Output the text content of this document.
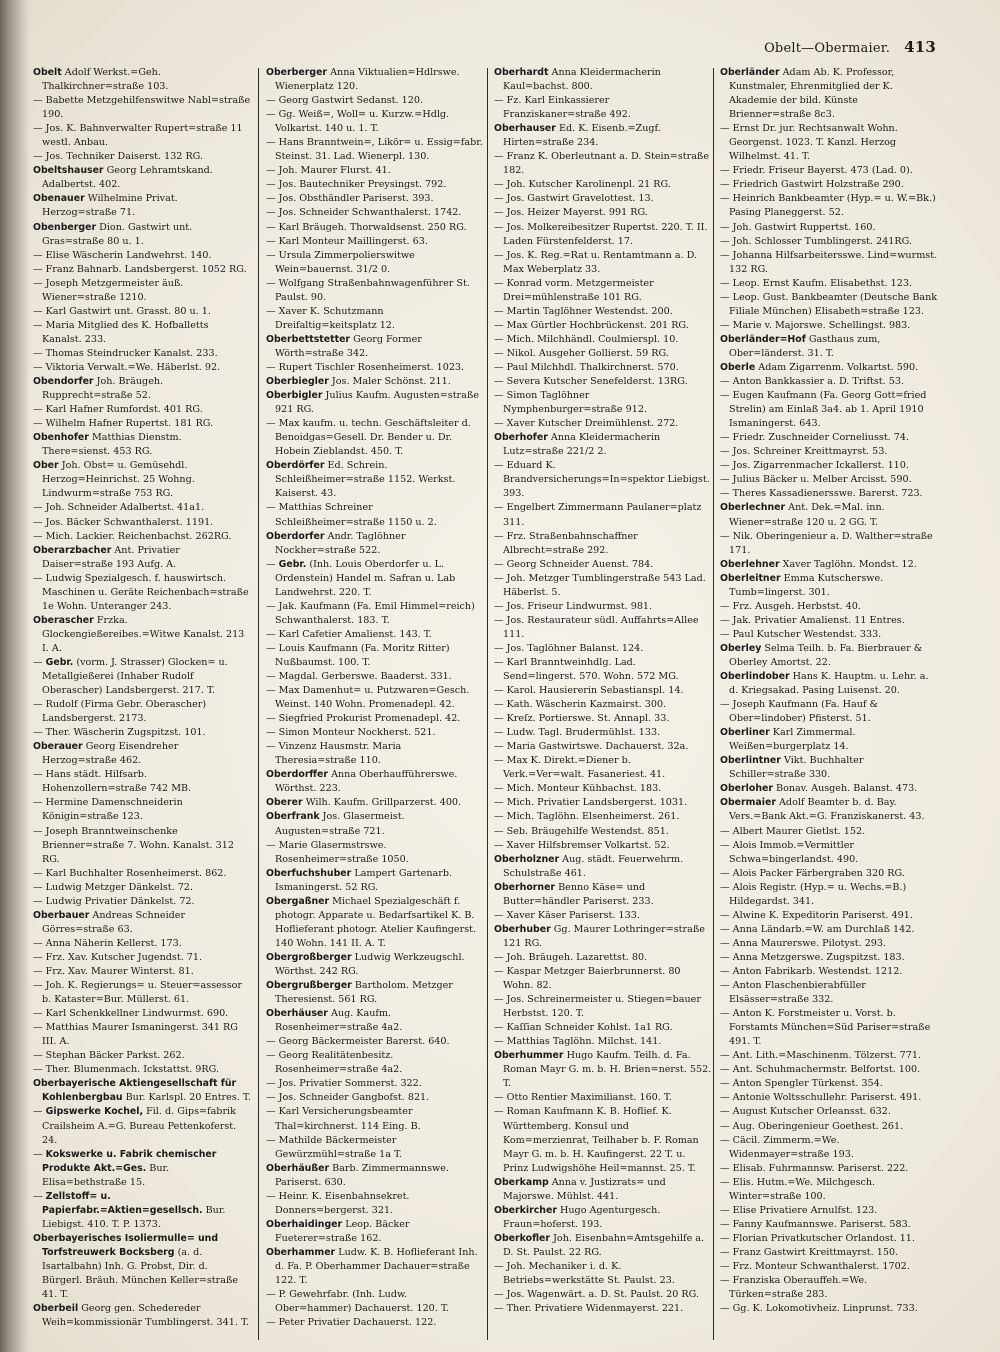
Obelt—Obermaier. 413
Obelt Adolf Werkst.=Geh. Thalkirchner=straße 103.
— Babette Metzgehilfenswitwe Nabl=straße 190.
— Jos. K. Bahnverwalter Rupert=straße 11 westl. Anbau.
— Jos. Techniker Daiserst. 132 RG.
Obeltshauser Georg Lehramtskand. Adalbertst. 402.
Obenauer Wilhelmine Privat. Herzog=straße 71.
Obenberger Dion. Gastwirt unt. Gras=straße 80 u. 1.
— Elise Wäscherin Landwehrst. 140.
— Franz Bahnarb. Landsbergerst. 1052 RG.
— Joseph Metzgermeister äuß. Wiener=straße 1210.
— Karl Gastwirt unt. Grasst. 80 u. 1.
— Maria Mitglied des K. Hofballetts Kanalst. 233.
— Thomas Steindrucker Kanalst. 233.
— Viktoria Verwalt.=We. Häberlst. 92.
Obendorfer Joh. Bräugeh. Rupprecht=straße 52.
— Karl Hafner Rumfordst. 401 RG.
— Wilhelm Hafner Rupertst. 181 RG.
Obenhofer Matthias Dienstm. There=sienst. 453 RG.
Ober Joh. Obst= u. Gemüsehdl. Herzog=Heinrichst. 25 Wohng. Lindwurm=straße 753 RG.
— Joh. Schneider Adalbertst. 41a1.
— Jos. Bäcker Schwanthalerst. 1191.
— Mich. Lackier. Reichenbachst. 262RG.
Oberarzbacher Ant. Privatier Daiser=straße 193 Aufg. A.
— Ludwig Spezialgesch. f. hauswirtsch. Maschinen u. Geräte Reichenbach=straße 1e Wohn. Unteranger 243.
Oberascher Frzka. Glockengießereibes.=Witwe Kanalst. 213 I. A.
— Gebr. (vorm. J. Strasser) Glocken= u. Metallgießerei (Inhaber Rudolf Oberascher) Landsbergerst. 217. T.
— Rudolf (Firma Gebr. Oberascher) Landsbergerst. 2173.
— Ther. Wäscherin Zugspitzst. 101.
Oberauer Georg Eisendreher Herzog=straße 462.
— Hans städt. Hilfsarb. Hohenzollern=straße 742 MB.
— Hermine Damenschneiderin Königin=straße 123.
— Joseph Branntweinschenke Brienner=straße 7. Wohn. Kanalst. 312 RG.
— Karl Buchhalter Rosenheimerst. 862.
— Ludwig Metzger Dänkelst. 72.
— Ludwig Privatier Dänkelst. 72.
Oberbauer Andreas Schneider Görres=straße 63.
— Anna Näherin Kellerst. 173.
— Frz. Xav. Kutscher Jugendst. 71.
— Frz. Xav. Maurer Winterst. 81.
— Joh. K. Regierungs= u. Steuer=assessor b. Kataster=Bur. Müllerst. 61.
— Karl Schenkkellner Lindwurmst. 690.
— Matthias Maurer Ismaningerst. 341 RG III. A.
— Stephan Bäcker Parkst. 262.
— Ther. Blumenmach. Ickstattst. 9RG.
Oberbayerische Aktiengesellschaft für Kohlenbergbau Bur. Karlspl. 20 Entres. T.
— Gipswerke Kochel, Fil. d. Gips=fabrik Crailsheim A.=G. Bureau Pettenkoferst. 24.
— Kokswerke u. Fabrik chemischer Produkte Akt.=Ges. Bur. Elisa=bethstraße 15.
— Zellstoff= u. Papierfabr.=Aktien=gesellsch. Bur. Liebigst. 410. T. P. 1373.
Oberbayerisches Isoliermulle= und Torfstreuwerk Bocksberg (a. d. Isartalbahn) Inh. G. Probst, Dir. d. Bürgerl. Bräuh. München Keller=straße 41. T.
Oberbeil Georg gen. Schedereder Weih=kommissionär Tumblingerst. 341. T.
Oberberger Anna Viktualien=Hdlrswe. Wienerplatz 120.
— Georg Gastwirt Sedanst. 120.
— Gg. Weiß=, Woll= u. Kurzw.=Hdlg. Volkartst. 140 u. 1. T.
— Hans Branntwein=, Likör= u. Essig=fabr. Steinst. 31. Lad. Wienerpl. 130.
— Joh. Maurer Flurst. 41.
— Jos. Bautechniker Preysingst. 792.
— Jos. Obsthändler Pariserst. 393.
— Jos. Schneider Schwanthalerst. 1742.
— Karl Bräugeh. Thorwaldsenst. 250 RG.
— Karl Monteur Maillingerst. 63.
— Ursula Zimmerpolierswitwe Wein=bauernst. 31/2 0.
— Wolfgang Straßenbahnwagenführer St. Paulst. 90.
— Xaver K. Schutzmann Dreifaltig=keitsplatz 12.
Oberbettstetter Georg Former Wörth=straße 342.
— Rupert Tischler Rosenheimerst. 1023.
Oberbiegler Jos. Maler Schönst. 211.
Oberbigler Julius Kaufm. Augusten=straße 921 RG.
— Max kaufm. u. techn. Geschäftsleiter d. Benoidgas=Gesell. Dr. Bender u. Dr. Hobein Zieblandst. 450. T.
Oberdörfer Ed. Schrein. Schleißheimer=straße 1152. Werkst. Kaiserst. 43.
— Matthias Schreiner Schleißheimer=straße 1150 u. 2.
Oberdorfer Andr. Taglöhner Nockher=straße 522.
— Gebr. (Inh. Louis Oberdorfer u. L. Ordenstein) Handel m. Safran u. Lab Landwehrst. 220. T.
— Jak. Kaufmann (Fa. Emil Himmel=reich) Schwanthalerst. 183. T.
— Karl Cafetier Amalienst. 143. T.
— Louis Kaufmann (Fa. Moritz Ritter) Nußbaumst. 100. T.
— Magdal. Gerberswe. Baaderst. 331.
— Max Damenhut= u. Putzwaren=Gesch. Weinst. 140 Wohn. Promenadepl. 42.
— Siegfried Prokurist Promenadepl. 42.
— Simon Monteur Nockherst. 521.
— Vinzenz Hausmstr. Maria Theresia=straße 110.
Oberdorffer Anna Oberhaufführerswe. Wörthst. 223.
Oberer Wilh. Kaufm. Grillparzerst. 400.
Oberfrank Jos. Glasermeist. Augusten=straße 721.
— Marie Glasermstrswe. Rosenheimer=straße 1050.
Oberfuchshuber Lampert Gartenarb. Ismaningerst. 52 RG.
Obergaßner Michael Spezialgeschäft f. photogr. Apparate u. Bedarfsartikel K. B. Hoflieferant photogr. Atelier Kaufingerst. 140 Wohn. 141 II. A. T.
Obergroßberger Ludwig Werkzeugschl. Wörthst. 242 RG.
Obergrußberger Bartholom. Metzger Theresienst. 561 RG.
Oberhäuser Aug. Kaufm. Rosenheimer=straße 4a2.
— Georg Bäckermeister Barerst. 640.
— Georg Realitätenbesitz. Rosenheimer=straße 4a2.
— Jos. Privatier Sommerst. 322.
— Jos. Schneider Gangbofst. 821.
— Karl Versicherungsbeamter Thal=kirchnerst. 114 Eing. B.
— Mathilde Bäckermeister Gewürzmühl=straße 1a T.
Oberhäußer Barb. Zimmermannswe. Pariserst. 630.
— Heinr. K. Eisenbahnsekret. Donners=bergerst. 321.
Oberhaidinger Leop. Bäcker Fueterer=straße 162.
Oberhammer Ludw. K. B. Hoflieferant Inh. d. Fa. P. Oberhammer Dachauer=straße 122. T.
— P. Gewehrfabr. (Inh. Ludw. Ober=hammer) Dachauerst. 120. T.
— Peter Privatier Dachauerst. 122.
Oberhardt Anna Kleidermacherin Kaul=bachst. 800.
— Fz. Karl Einkassierer Franziskaner=straße 492.
Oberhauser Ed. K. Eisenb.=Zugf. Hirten=straße 234.
— Franz K. Oberleutnant a. D. Stein=straße 182.
— Joh. Kutscher Karolinenpl. 21 RG.
— Jos. Gastwirt Gravelottest. 13.
— Jos. Heizer Mayerst. 991 RG.
— Jos. Molkereibesitzer Rupertst. 220. T. II. Laden Fürstenfelderst. 17.
— Jos. K. Reg.=Rat u. Rentamtmann a. D. Max Weberplatz 33.
— Konrad vorm. Metzgermeister Drei=mühlenstraße 101 RG.
— Martin Taglöhner Westendst. 200.
— Max Gürtler Hochbrückenst. 201 RG.
— Mich. Milchhändl. Coulmierspl. 10.
— Nikol. Ausgeher Gollierst. 59 RG.
— Paul Milchhdl. Thalkirchnerst. 570.
— Severa Kutscher Senefelderst. 13RG.
— Simon Taglöhner Nymphenburger=straße 912.
— Xaver Kutscher Dreimühlenst. 272.
Oberhofer Anna Kleidermacherin Lutz=straße 221/2 2.
— Eduard K. Brandversicherungs=In=spektor Liebigst. 393.
— Engelbert Zimmermann Paulaner=platz 311.
— Frz. Straßenbahnschaffner Albrecht=straße 292.
— Georg Schneider Auenst. 784.
— Joh. Metzger Tumblingerstraße 543 Lad. Häberlst. 5.
— Jos. Friseur Lindwurmst. 981.
— Jos. Restaurateur südl. Auffahrts=Allee 111.
— Jos. Taglöhner Balanst. 124.
— Karl Branntweinhdlg. Lad. Send=lingerst. 570. Wohn. 572 MG.
— Karol. Hausiererin Sebastianspl. 14.
— Kath. Wäscherin Kazmairst. 300.
— Kreſz. Portierswe. St. Annapl. 33.
— Ludw. Tagl. Brudermühlst. 133.
— Maria Gastwirtswe. Dachauerst. 32a.
— Max K. Direkt.=Diener b. Verk.=Ver=walt. Fasaneriest. 41.
— Mich. Monteur Kühbachst. 183.
— Mich. Privatier Landsbergerst. 1031.
— Mich. Taglöhn. Elsenheimerst. 261.
— Seb. Bräugehilfe Westendst. 851.
— Xaver Hilfsbremser Volkartst. 52.
Oberholzner Aug. städt. Feuerwehrm. Schulstraße 461.
Oberhorner Benno Käse= und Butter=händler Pariserst. 233.
— Xaver Käser Pariserst. 133.
Oberhuber Gg. Maurer Lothringer=straße 121 RG.
— Joh. Bräugeh. Lazarettst. 80.
— Kaspar Metzger Baierbrunnerst. 80 Wohn. 82.
— Jos. Schreinermeister u. Stiegen=bauer Herbstst. 120. T.
— Kaſſian Schneider Kohlst. 1a1 RG.
— Matthias Taglöhn. Milchst. 141.
Oberhummer Hugo Kaufm. Teilh. d. Fa. Roman Mayr G. m. b. H. Brien=nerst. 552. T.
— Otto Rentier Maximilianst. 160. T.
— Roman Kaufmann K. B. Hoflief. K. Württemberg. Konsul und Kom=merzienrat, Teilhaber b. F. Roman Mayr G. m. b. H. Kaufingerst. 22 T. u. Prinz Ludwigshöhe Heil=mannst. 25. T.
Oberkamp Anna v. Justizrats= und Majorswe. Mühlst. 441.
Oberkircher Hugo Agenturgesch. Fraun=hoferst. 193.
Oberkofler Joh. Eisenbahn=Amtsgehilfe a. D. St. Paulst. 22 RG.
— Joh. Mechaniker i. d. K. Betriebs=werkstätte St. Paulst. 23.
— Jos. Wagenwärt. a. D. St. Paulst. 20 RG.
— Ther. Privatiere Widenmayerst. 221.
Oberländer Adam Ab. K. Professor, Kunstmaler, Ehrenmitglied der K. Akademie der bild. Künste Brienner=straße 8c3.
— Ernst Dr. jur. Rechtsanwalt Wohn. Georgenst. 1023. T. Kanzl. Herzog Wilhelmst. 41. T.
— Friedr. Friseur Bayerst. 473 (Lad. 0).
— Friedrich Gastwirt Holzstraße 290.
— Heinrich Bankbeamter (Hyp.= u. W.=Bk.) Pasing Planeggerst. 52.
— Joh. Gastwirt Ruppertst. 160.
— Joh. Schlosser Tumblingerst. 241RG.
— Johanna Hilfsarbeitersswe. Lind=wurmst. 132 RG.
— Leop. Ernst Kaufm. Elisabethst. 123.
— Leop. Gust. Bankbeamter (Deutsche Bank Filiale München) Elisabeth=straße 123.
— Marie v. Majorswe. Schellingst. 983.
Oberländer=Hof Gasthaus zum, Ober=länderst. 31. T.
Oberle Adam Zigarrenm. Volkartst. 590.
— Anton Bankkassier a. D. Triftst. 53.
— Eugen Kaufmann (Fa. Georg Gott=fried Strelin) am Einlaß 3a4. ab 1. April 1910 Ismaningerst. 643.
— Friedr. Zuschneider Corneliusst. 74.
— Jos. Schreiner Kreittmayrst. 53.
— Jos. Zigarrenmacher Ickallerst. 110.
— Julius Bäcker u. Melber Arcisst. 590.
— Theres Kassadienersswe. Barerst. 723.
Oberlechner Ant. Dek.=Mal. inn. Wiener=straße 120 u. 2 GG. T.
— Nik. Oberingenieur a. D. Walther=straße 171.
Oberlehner Xaver Taglöhn. Mondst. 12.
Oberleitner Emma Kutscherswe. Tumb=lingerst. 301.
— Frz. Ausgeh. Herbstst. 40.
— Jak. Privatier Amalienst. 11 Entres.
— Paul Kutscher Westendst. 333.
Oberley Selma Teilh. b. Fa. Bierbrauer & Oberley Amortst. 22.
Oberlindober Hans K. Hauptm. u. Lehr. a. d. Kriegsakad. Pasing Luisenst. 20.
— Joseph Kaufmann (Fa. Hauf & Ober=lindober) Pfisterst. 51.
Oberliner Karl Zimmermal. Weißen=burgerplatz 14.
Oberlintner Vikt. Buchhalter Schiller=straße 330.
Oberloher Bonav. Ausgeh. Balanst. 473.
Obermaier Adolf Beamter b. d. Bay. Vers.=Bank Akt.=G. Franziskanerst. 43.
— Albert Maurer Gietlst. 152.
— Alois Immob.=Vermittler Schwa=bingerlandst. 490.
— Alois Packer Färbergraben 320 RG.
— Alois Registr. (Hyp.= u. Wechs.=B.) Hildegardst. 341.
— Alwine K. Expeditorin Pariserst. 491.
— Anna Ländarb.=W. am Durchlaß 142.
— Anna Maurerswe. Pilotyst. 293.
— Anna Metzgerswe. Zugspitzst. 183.
— Anton Fabrikarb. Westendst. 1212.
— Anton Flaschenbierabfüller Elsässer=straße 332.
— Anton K. Forstmeister u. Vorst. b. Forstamts München=Süd Pariser=straße 491. T.
— Ant. Lith.=Maschinenm. Tölzerst. 771.
— Ant. Schuhmachermstr. Belfortst. 100.
— Anton Spengler Türkenst. 354.
— Antonie Woltsschullehr. Pariserst. 491.
— August Kutscher Orleansst. 632.
— Aug. Oberingenieur Goethest. 261.
— Cäcil. Zimmerm.=We. Widenmayer=straße 193.
— Elisab. Fuhrmannsw. Pariserst. 222.
— Elis. Hutm.=We. Milchgesch. Winter=straße 100.
— Elise Privatiere Arnulfst. 123.
— Fanny Kaufmannswe. Pariserst. 583.
— Florian Privatkutscher Orlandost. 11.
— Franz Gastwirt Kreittmayrst. 150.
— Frz. Monteur Schwanthalerst. 1702.
— Franziska Oberauffeh.=We. Türken=straße 283.
— Gg. K. Lokomotivheiz. Linprunst. 733.
